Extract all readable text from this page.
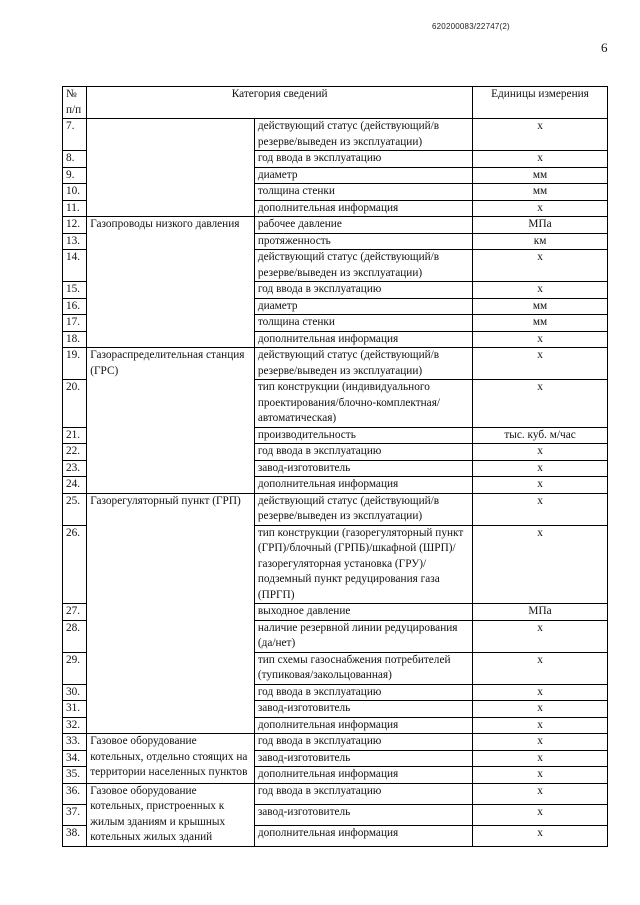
620200083/22747(2)
6
№
п/п	Категория сведений		Единицы измерения
7.		действующий статус (действующий/в резерве/выведен из эксплуатации)	х
8.		год ввода в эксплуатацию	х
9.		диаметр	мм
10.		толщина стенки	мм
11.		дополнительная информация	х
12.	Газопроводы низкого давления	рабочее давление	МПа
13.		протяженность	км
14.		действующий статус (действующий/в резерве/выведен из эксплуатации)	х
15.		год ввода в эксплуатацию	х
16.		диаметр	мм
17.		толщина стенки	мм
18.		дополнительная информация	х
19.	Газораспределительная станция (ГРС)	действующий статус (действующий/в резерве/выведен из эксплуатации)	х
20.		тип конструкции (индивидуального проектирования/блочно-комплектная/автоматическая)	х
21.		производительность	тыс. куб. м/час
22.		год ввода в эксплуатацию	х
23.		завод-изготовитель	х
24.		дополнительная информация	х
25.	Газорегуляторный пункт (ГРП)	действующий статус (действующий/в резерве/выведен из эксплуатации)	х
26.		тип конструкции (газорегуляторный пункт (ГРП)/блочный (ГРПБ)/шкафной (ШРП)/газорегуляторная установка (ГРУ)/подземный пункт редуцирования газа (ПРГП)	х
27.		выходное давление	МПа
28.		наличие резервной линии редуцирования (да/нет)	х
29.		тип схемы газоснабжения потребителей (тупиковая/закольцованная)	х
30.		год ввода в эксплуатацию	х
31.		завод-изготовитель	х
32.		дополнительная информация	х
33.	Газовое оборудование котельных, отдельно стоящих на территории населенных пунктов	год ввода в эксплуатацию	х
34.		завод-изготовитель	х
35.		дополнительная информация	х
36.	Газовое оборудование котельных, пристроенных к жилым зданиям и крышных котельных жилых зданий	год ввода в эксплуатацию	х
37.		завод-изготовитель	х
38.		дополнительная информация	х
